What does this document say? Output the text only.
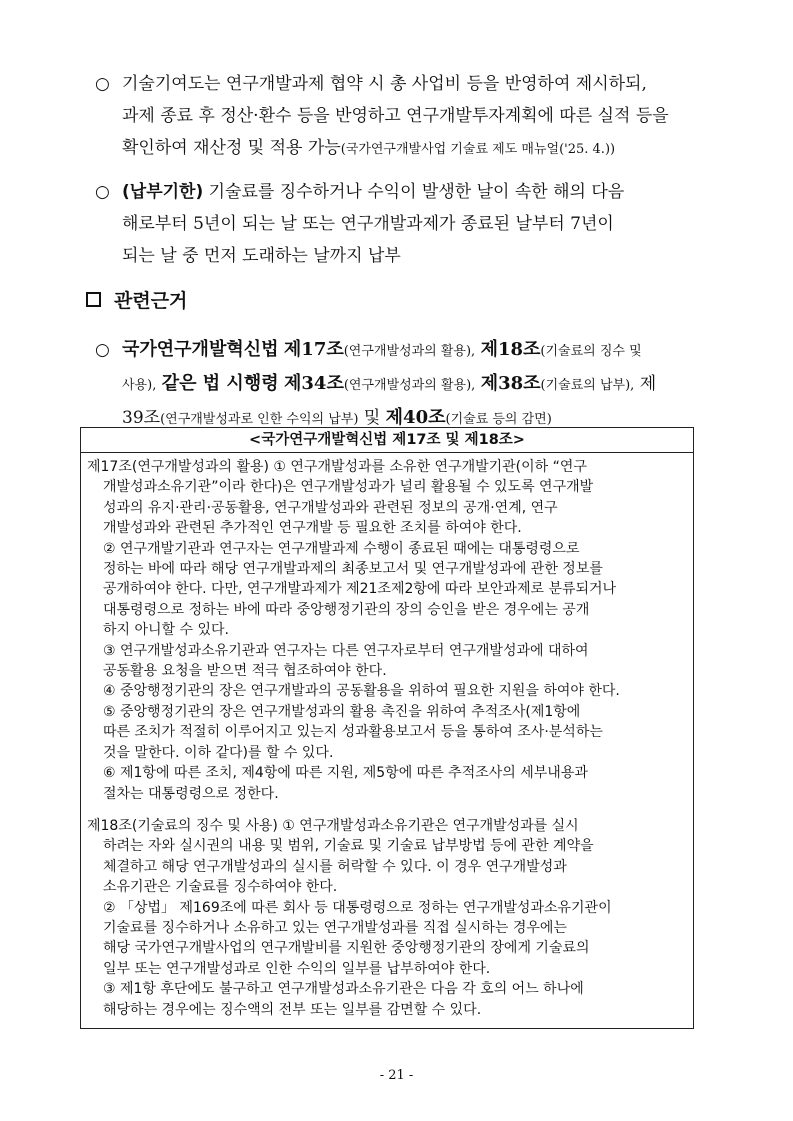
○ 기술기여도는 연구개발과제 협약 시 총 사업비 등을 반영하여 제시하되,
과제 종료 후 정산·환수 등을 반영하고 연구개발투자계획에 따른 실적 등을
확인하여 재산정 및 적용 가능(국가연구개발사업 기술료 제도 매뉴얼('25. 4.))
○ (납부기한) 기술료를 징수하거나 수익이 발생한 날이 속한 해의 다음
해로부터 5년이 되는 날 또는 연구개발과제가 종료된 날부터 7년이
되는 날 중 먼저 도래하는 날까지 납부
관련근거
○ 국가연구개발혁신법 제17조(연구개발성과의 활용), 제18조(기술료의 징수 및
사용), 같은 법 시행령 제34조(연구개발성과의 활용), 제38조(기술료의 납부), 제
39조(연구개발성과로 인한 수익의 납부) 및 제40조(기술료 등의 감면)
<국가연구개발혁신법 제17조 및 제18조>
제17조(연구개발성과의 활용) ① 연구개발성과를 소유한 연구개발기관(이하 “연구
개발성과소유기관”이라 한다)은 연구개발성과가 널리 활용될 수 있도록 연구개발
성과의 유지·관리·공동활용, 연구개발성과와 관련된 정보의 공개·연계, 연구
개발성과와 관련된 추가적인 연구개발 등 필요한 조치를 하여야 한다.
② 연구개발기관과 연구자는 연구개발과제 수행이 종료된 때에는 대통령령으로
정하는 바에 따라 해당 연구개발과제의 최종보고서 및 연구개발성과에 관한 정보를
공개하여야 한다. 다만, 연구개발과제가 제21조제2항에 따라 보안과제로 분류되거나
대통령령으로 정하는 바에 따라 중앙행정기관의 장의 승인을 받은 경우에는 공개
하지 아니할 수 있다.
③ 연구개발성과소유기관과 연구자는 다른 연구자로부터 연구개발성과에 대하여
공동활용 요청을 받으면 적극 협조하여야 한다.
④ 중앙행정기관의 장은 연구개발과의 공동활용을 위하여 필요한 지원을 하여야 한다.
⑤ 중앙행정기관의 장은 연구개발성과의 활용 촉진을 위하여 추적조사(제1항에
따른 조치가 적절히 이루어지고 있는지 성과활용보고서 등을 통하여 조사·분석하는
것을 말한다. 이하 같다)를 할 수 있다.
⑥ 제1항에 따른 조치, 제4항에 따른 지원, 제5항에 따른 추적조사의 세부내용과
절차는 대통령령으로 정한다.
제18조(기술료의 징수 및 사용) ① 연구개발성과소유기관은 연구개발성과를 실시
하려는 자와 실시권의 내용 및 범위, 기술료 및 기술료 납부방법 등에 관한 계약을
체결하고 해당 연구개발성과의 실시를 허락할 수 있다. 이 경우 연구개발성과
소유기관은 기술료를 징수하여야 한다.
② 「상법」 제169조에 따른 회사 등 대통령령으로 정하는 연구개발성과소유기관이
기술료를 징수하거나 소유하고 있는 연구개발성과를 직접 실시하는 경우에는
해당 국가연구개발사업의 연구개발비를 지원한 중앙행정기관의 장에게 기술료의
일부 또는 연구개발성과로 인한 수익의 일부를 납부하여야 한다.
③ 제1항 후단에도 불구하고 연구개발성과소유기관은 다음 각 호의 어느 하나에
해당하는 경우에는 징수액의 전부 또는 일부를 감면할 수 있다.
- 21 -
